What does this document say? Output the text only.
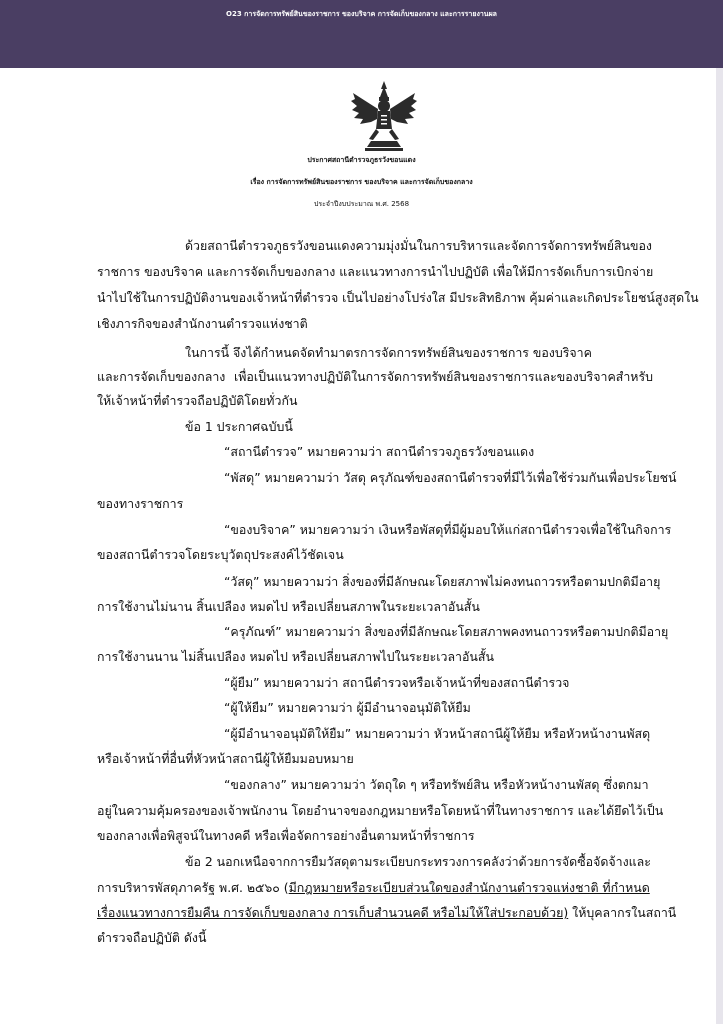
O23 การจัดการทรัพย์สินของราชการ ของบริจาค การจัดเก็บของกลาง และการรายงานผล
ประกาศสถานีตำรวจภูธรวังขอนแดง
เรื่อง การจัดการทรัพย์สินของราชการ ของบริจาค และการจัดเก็บของกลาง
ประจำปีงบประมาณ พ.ศ. 2568
ด้วยสถานีตำรวจภูธรวังขอนแดงความมุ่งมั่นในการบริหารและจัดการจัดการทรัพย์สินของ
ราชการ ของบริจาค และการจัดเก็บของกลาง และแนวทางการนำไปปฏิบัติ เพื่อให้มีการจัดเก็บการเบิกจ่าย
นำไปใช้ในการปฏิบัติงานของเจ้าหน้าที่ตำรวจ เป็นไปอย่างโปร่งใส มีประสิทธิภาพ คุ้มค่าและเกิดประโยชน์สูงสุดใน
เชิงภารกิจของสำนักงานตำรวจแห่งชาติ
ในการนี้ จึงได้กำหนดจัดทำมาตรการจัดการทรัพย์สินของราชการ ของบริจาค
และการจัดเก็บของกลาง เพื่อเป็นแนวทางปฏิบัติในการจัดการทรัพย์สินของราชการและของบริจาคสำหรับ
ให้เจ้าหน้าที่ตำรวจถือปฏิบัติโดยทั่วกัน
ข้อ 1 ประกาศฉบับนี้
“สถานีตำรวจ” หมายความว่า สถานีตำรวจภูธรวังขอนแดง
“พัสดุ” หมายความว่า วัสดุ ครุภัณฑ์ของสถานีตำรวจที่มีไว้เพื่อใช้ร่วมกันเพื่อประโยชน์
ของทางราชการ
“ของบริจาค” หมายความว่า เงินหรือพัสดุที่มีผู้มอบให้แก่สถานีตำรวจเพื่อใช้ในกิจการ
ของสถานีตำรวจโดยระบุวัตถุประสงค์ไว้ชัดเจน
“วัสดุ” หมายความว่า สิ่งของที่มีลักษณะโดยสภาพไม่คงทนถาวรหรือตามปกติมีอายุ
การใช้งานไม่นาน สิ้นเปลือง หมดไป หรือเปลี่ยนสภาพในระยะเวลาอันสั้น
“ครุภัณฑ์” หมายความว่า สิ่งของที่มีลักษณะโดยสภาพคงทนถาวรหรือตามปกติมีอายุ
การใช้งานนาน ไม่สิ้นเปลือง หมดไป หรือเปลี่ยนสภาพไปในระยะเวลาอันสั้น
“ผู้ยืม” หมายความว่า สถานีตำรวจหรือเจ้าหน้าที่ของสถานีตำรวจ
“ผู้ให้ยืม” หมายความว่า ผู้มีอำนาจอนุมัติให้ยืม
“ผู้มีอำนาจอนุมัติให้ยืม” หมายความว่า หัวหน้าสถานีผู้ให้ยืม หรือหัวหน้างานพัสดุ
หรือเจ้าหน้าที่อื่นที่หัวหน้าสถานีผู้ให้ยืมมอบหมาย
“ของกลาง” หมายความว่า วัตถุใด ๆ หรือทรัพย์สิน หรือหัวหน้างานพัสดุ ซึ่งตกมา
อยู่ในความคุ้มครองของเจ้าพนักงาน โดยอำนาจของกฎหมายหรือโดยหน้าที่ในทางราชการ และได้ยึดไว้เป็น
ของกลางเพื่อพิสูจน์ในทางคดี หรือเพื่อจัดการอย่างอื่นตามหน้าที่ราชการ
ข้อ 2 นอกเหนือจากการยืมวัสดุตามระเบียบกระทรวงการคลังว่าด้วยการจัดซื้อจัดจ้างและ
การบริหารพัสดุภาครัฐ พ.ศ. ๒๕๖๐ (มีกฎหมายหรือระเบียบส่วนใดของสำนักงานตำรวจแห่งชาติ ที่กำหนด
เรื่องแนวทางการยืมคืน การจัดเก็บของกลาง การเก็บสำนวนคดี หรือไม่ให้ใส่ประกอบด้วย) ให้บุคลากรในสถานี
ตำรวจถือปฏิบัติ ดังนี้
